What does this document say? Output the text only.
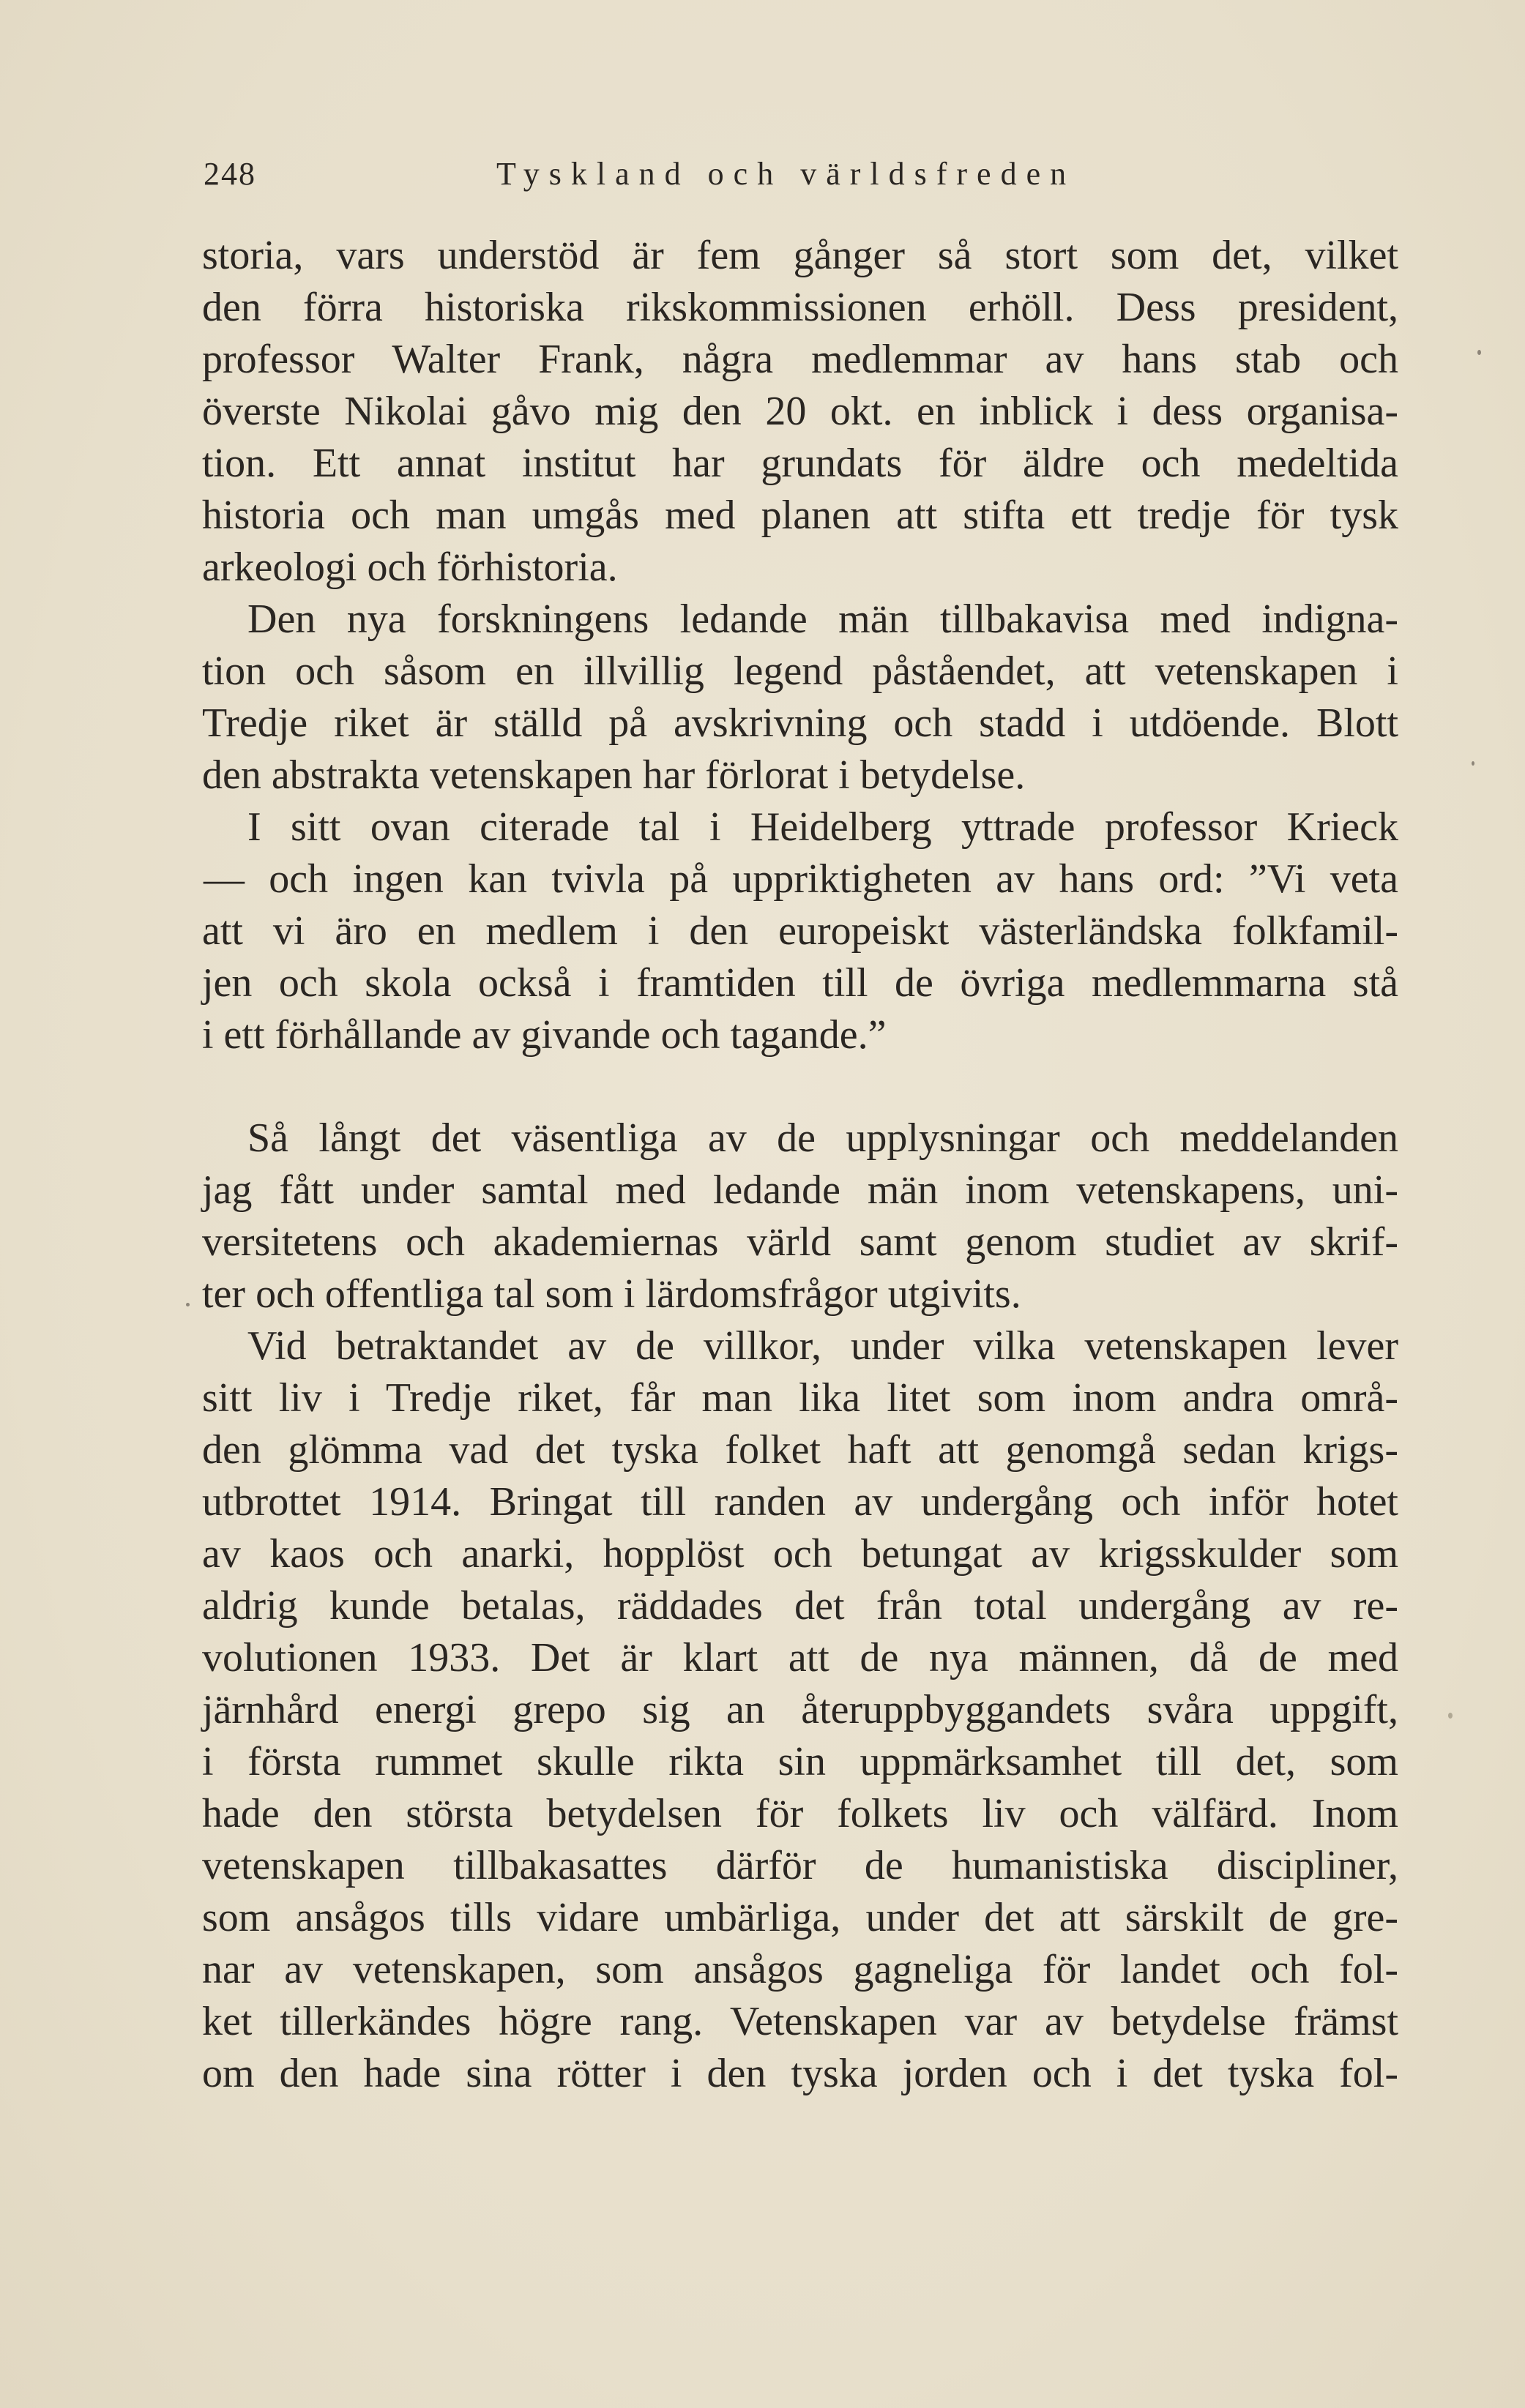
248	Tyskland och världsfreden
storia, vars understöd är fem gånger så stort som det, vilket
den förra historiska rikskommissionen erhöll. Dess president,
professor Walter Frank, några medlemmar av hans stab och
överste Nikolai gåvo mig den 20 okt. en inblick i dess organisa-
tion. Ett annat institut har grundats för äldre och medeltida
historia och man umgås med planen att stifta ett tredje för tysk
arkeologi och förhistoria.
Den nya forskningens ledande män tillbakavisa med indigna-
tion och såsom en illvillig legend påståendet, att vetenskapen i
Tredje riket är ställd på avskrivning och stadd i utdöende. Blott
den abstrakta vetenskapen har förlorat i betydelse.
I sitt ovan citerade tal i Heidelberg yttrade professor Krieck
— och ingen kan tvivla på uppriktigheten av hans ord: ”Vi veta
att vi äro en medlem i den europeiskt västerländska folkfamil-
jen och skola också i framtiden till de övriga medlemmarna stå
i ett förhållande av givande och tagande.”
Så långt det väsentliga av de upplysningar och meddelanden
jag fått under samtal med ledande män inom vetenskapens, uni-
versitetens och akademiernas värld samt genom studiet av skrif-
ter och offentliga tal som i lärdomsfrågor utgivits.
Vid betraktandet av de villkor, under vilka vetenskapen lever
sitt liv i Tredje riket, får man lika litet som inom andra områ-
den glömma vad det tyska folket haft att genomgå sedan krigs-
utbrottet 1914. Bringat till randen av undergång och inför hotet
av kaos och anarki, hopplöst och betungat av krigsskulder som
aldrig kunde betalas, räddades det från total undergång av re-
volutionen 1933. Det är klart att de nya männen, då de med
järnhård energi grepo sig an återuppbyggandets svåra uppgift,
i första rummet skulle rikta sin uppmärksamhet till det, som
hade den största betydelsen för folkets liv och välfärd. Inom
vetenskapen tillbakasattes därför de humanistiska discipliner,
som ansågos tills vidare umbärliga, under det att särskilt de gre-
nar av vetenskapen, som ansågos gagneliga för landet och fol-
ket tillerkändes högre rang. Vetenskapen var av betydelse främst
om den hade sina rötter i den tyska jorden och i det tyska fol-
